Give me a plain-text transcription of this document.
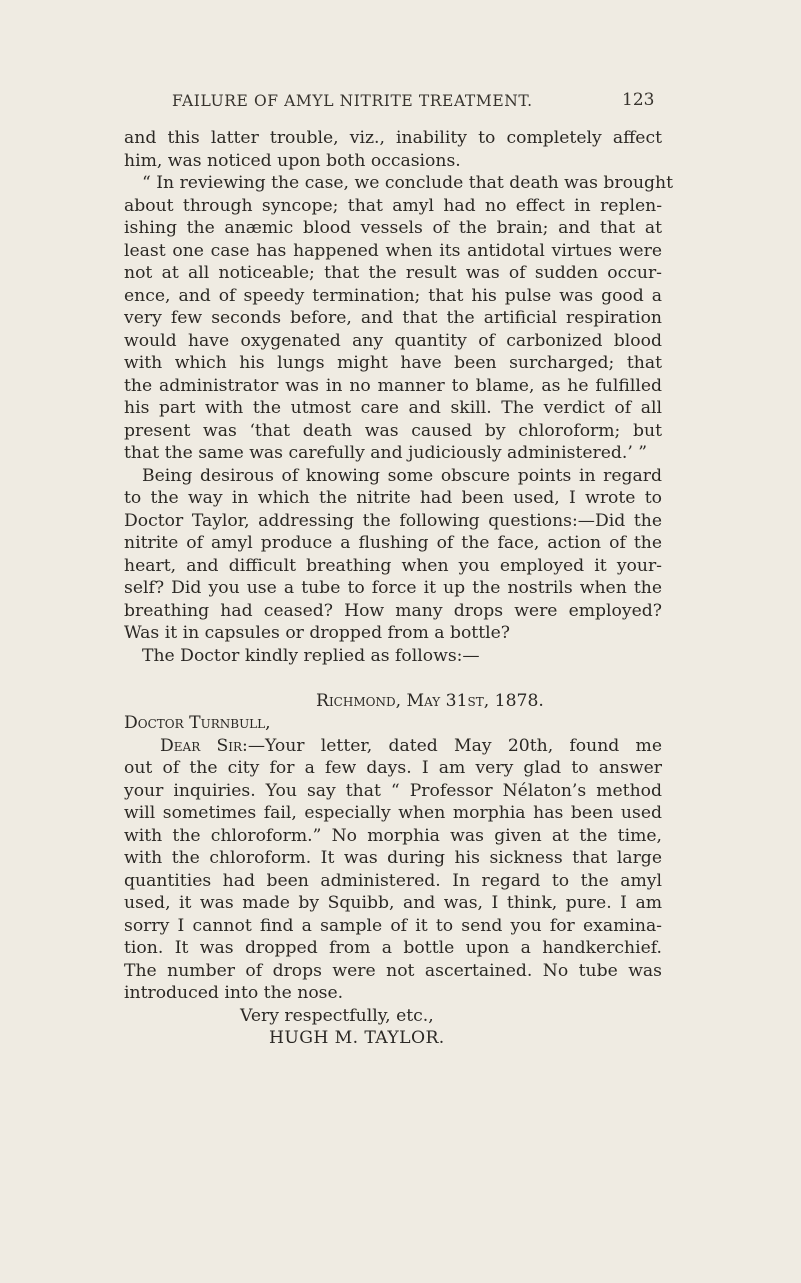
FAILURE OF AMYL NITRITE TREATMENT.	123
and this latter trouble, viz., inability to completely affect
him, was noticed upon both occasions.
“ In reviewing the case, we conclude that death was brought
about through syncope; that amyl had no effect in replen-
ishing the anæmic blood vessels of the brain; and that at
least one case has happened when its antidotal virtues were
not at all noticeable; that the result was of sudden occur-
ence, and of speedy termination; that his pulse was good a
very few seconds before, and that the artificial respiration
would have oxygenated any quantity of carbonized blood
with which his lungs might have been surcharged; that
the administrator was in no manner to blame, as he fulfilled
his part with the utmost care and skill. The verdict of all
present was ‘that death was caused by chloroform; but
that the same was carefully and judiciously administered.’ ”
Being desirous of knowing some obscure points in regard
to the way in which the nitrite had been used, I wrote to
Doctor Taylor, addressing the following questions:—Did the
nitrite of amyl produce a flushing of the face, action of the
heart, and difficult breathing when you employed it your-
self? Did you use a tube to force it up the nostrils when the
breathing had ceased? How many drops were employed?
Was it in capsules or dropped from a bottle?
The Doctor kindly replied as follows:—
Richmond, May 31st, 1878.
Doctor Turnbull,
Dear Sir:—Your letter, dated May 20th, found me
out of the city for a few days. I am very glad to answer
your inquiries. You say that “ Professor Nélaton’s method
will sometimes fail, especially when morphia has been used
with the chloroform.” No morphia was given at the time,
with the chloroform. It was during his sickness that large
quantities had been administered. In regard to the amyl
used, it was made by Squibb, and was, I think, pure. I am
sorry I cannot find a sample of it to send you for examina-
tion. It was dropped from a bottle upon a handkerchief.
The number of drops were not ascertained. No tube was
introduced into the nose.
Very respectfully, etc.,
HUGH M. TAYLOR.
